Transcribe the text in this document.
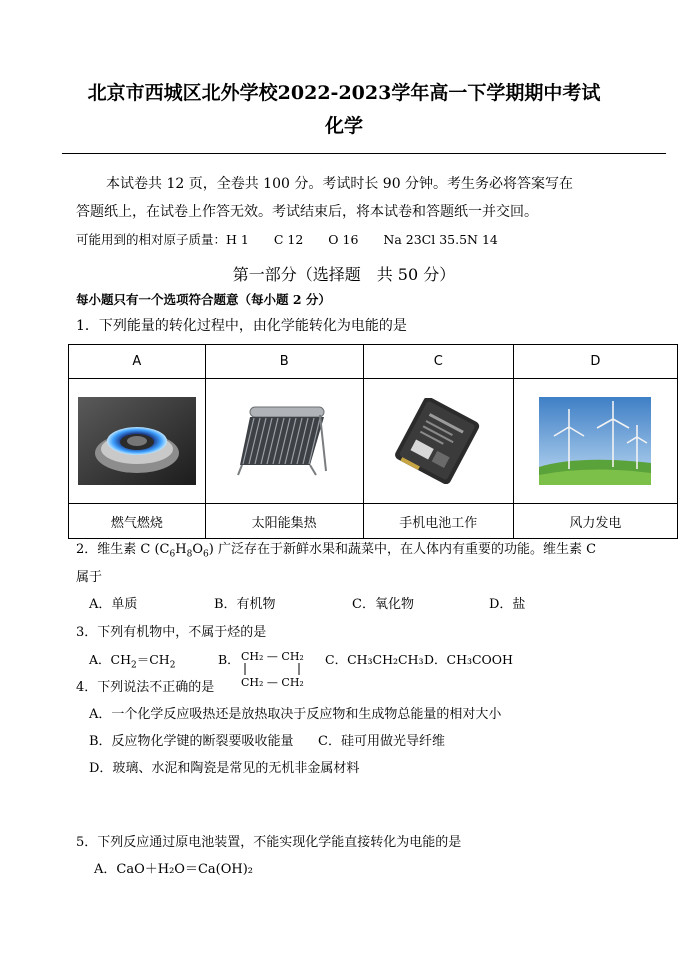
北京市西城区北外学校2022-2023学年高一下学期期中考试
化学
本试卷共 12 页，全卷共 100 分。考试时长 90 分钟。考生务必将答案写在
答题纸上，在试卷上作答无效。考试结束后，将本试卷和答题纸一并交回。
可能用到的相对原子质量：H 1　　C 12　　O 16　　Na 23Cl 35.5N 14
第一部分（选择题　共 50 分）
每小题只有一个选项符合题意（每小题 2 分）
1．下列能量的转化过程中，由化学能转化为电能的是
A	B	C	D

燃气燃烧	太阳能集热	手机电池工作	风力发电
2．维生素 C $(C_6H_8O_6)$ 广泛存在于新鲜水果和蔬菜中，在人体内有重要的功能。维生素 C
属于
A．单质	B．有机物	C．氧化物	D．盐
3．下列有机物中，不属于烃的是
A．$CH_2=CH_2$	B． CH₂ — CH₂
CH₂ — CH₂
C．CH₃CH₂CH₃ D．CH₃COOH
4．下列说法不正确的是
A．一个化学反应吸热还是放热取决于反应物和生成物总能量的相对大小
B．反应物化学键的断裂要吸收能量 C．硅可用做光导纤维
D．玻璃、水泥和陶瓷是常见的无机非金属材料
5．下列反应通过原电池装置，不能实现化学能直接转化为电能的是
A．CaO＋H₂O＝Ca(OH)₂
